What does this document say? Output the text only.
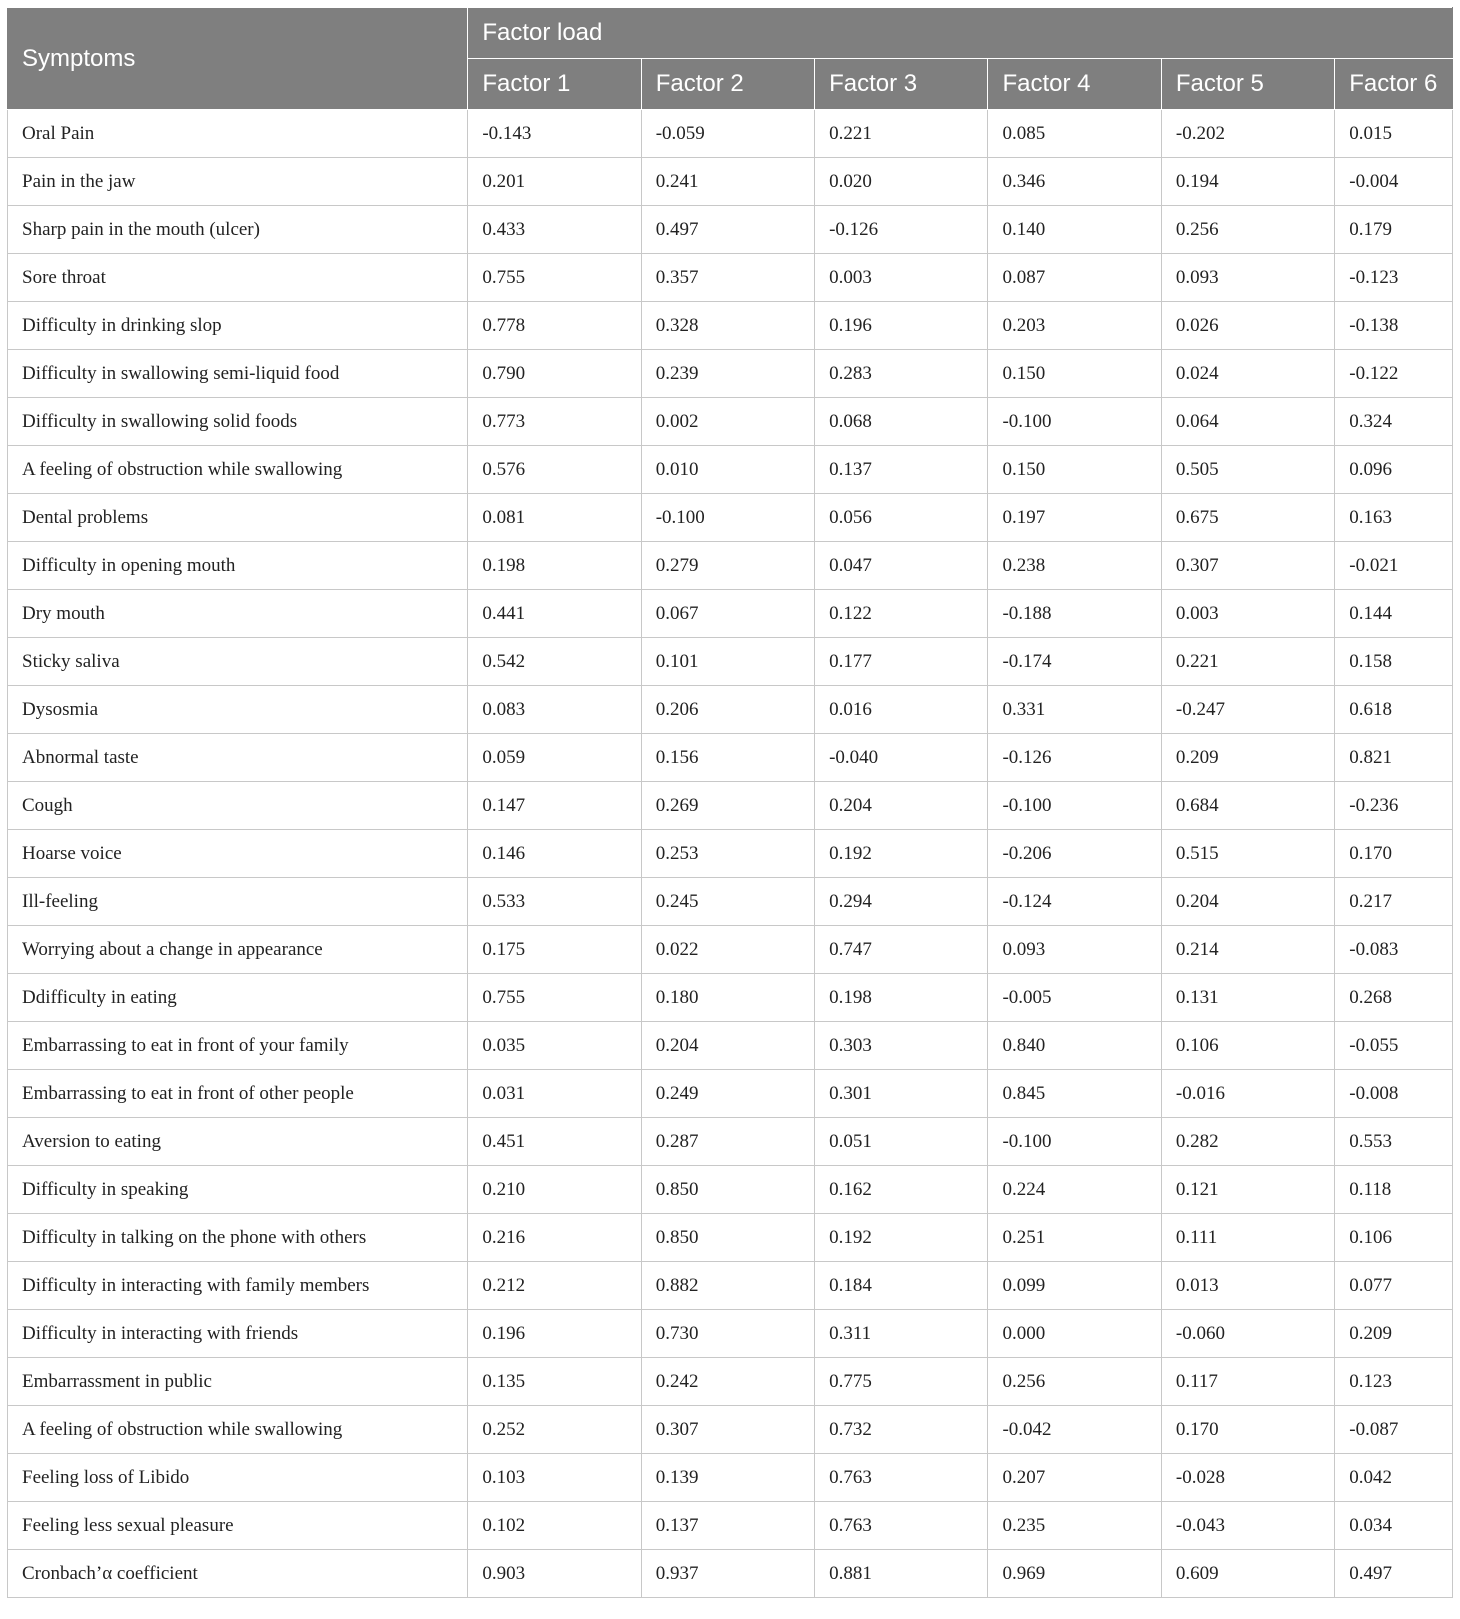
Symptoms	Factor load					
	Factor 1	Factor 2	Factor 3	Factor 4	Factor 5	Factor 6
Oral Pain	-0.143	-0.059	0.221	0.085	-0.202	0.015
Pain in the jaw	0.201	0.241	0.020	0.346	0.194	-0.004
Sharp pain in the mouth (ulcer)	0.433	0.497	-0.126	0.140	0.256	0.179
Sore throat	0.755	0.357	0.003	0.087	0.093	-0.123
Difficulty in drinking slop	0.778	0.328	0.196	0.203	0.026	-0.138
Difficulty in swallowing semi-liquid food	0.790	0.239	0.283	0.150	0.024	-0.122
Difficulty in swallowing solid foods	0.773	0.002	0.068	-0.100	0.064	0.324
A feeling of obstruction while swallowing	0.576	0.010	0.137	0.150	0.505	0.096
Dental problems	0.081	-0.100	0.056	0.197	0.675	0.163
Difficulty in opening mouth	0.198	0.279	0.047	0.238	0.307	-0.021
Dry mouth	0.441	0.067	0.122	-0.188	0.003	0.144
Sticky saliva	0.542	0.101	0.177	-0.174	0.221	0.158
Dysosmia	0.083	0.206	0.016	0.331	-0.247	0.618
Abnormal taste	0.059	0.156	-0.040	-0.126	0.209	0.821
Cough	0.147	0.269	0.204	-0.100	0.684	-0.236
Hoarse voice	0.146	0.253	0.192	-0.206	0.515	0.170
Ill-feeling	0.533	0.245	0.294	-0.124	0.204	0.217
Worrying about a change in appearance	0.175	0.022	0.747	0.093	0.214	-0.083
Ddifficulty in eating	0.755	0.180	0.198	-0.005	0.131	0.268
Embarrassing to eat in front of your family	0.035	0.204	0.303	0.840	0.106	-0.055
Embarrassing to eat in front of other people	0.031	0.249	0.301	0.845	-0.016	-0.008
Aversion to eating	0.451	0.287	0.051	-0.100	0.282	0.553
Difficulty in speaking	0.210	0.850	0.162	0.224	0.121	0.118
Difficulty in talking on the phone with others	0.216	0.850	0.192	0.251	0.111	0.106
Difficulty in interacting with family members	0.212	0.882	0.184	0.099	0.013	0.077
Difficulty in interacting with friends	0.196	0.730	0.311	0.000	-0.060	0.209
Embarrassment in public	0.135	0.242	0.775	0.256	0.117	0.123
A feeling of obstruction while swallowing	0.252	0.307	0.732	-0.042	0.170	-0.087
Feeling loss of Libido	0.103	0.139	0.763	0.207	-0.028	0.042
Feeling less sexual pleasure	0.102	0.137	0.763	0.235	-0.043	0.034
Cronbach’α coefficient	0.903	0.937	0.881	0.969	0.609	0.497
